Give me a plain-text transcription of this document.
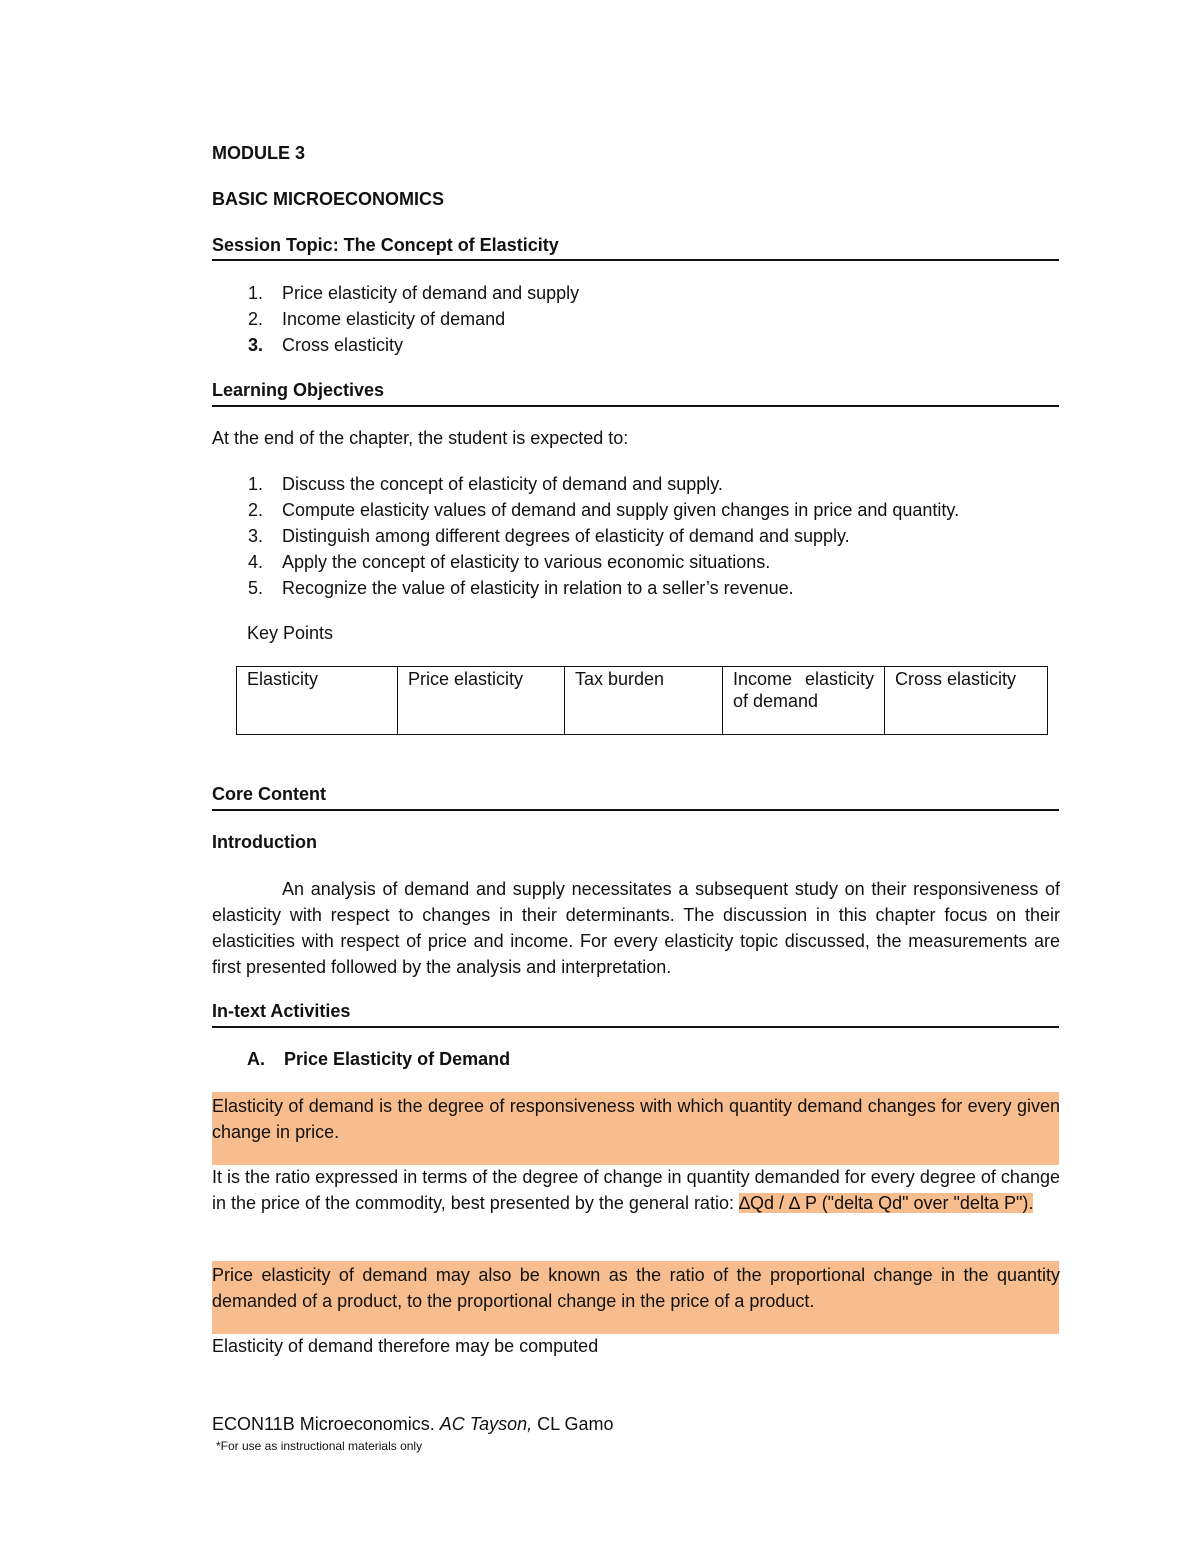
MODULE 3
BASIC MICROECONOMICS
Session Topic: The Concept of Elasticity
1.	Price elasticity of demand and supply
2.	Income elasticity of demand
3.	Cross elasticity
Learning Objectives
At the end of the chapter, the student is expected to:
1.	Discuss the concept of elasticity of demand and supply.
2.	Compute elasticity values of demand and supply given changes in price and quantity.
3.	Distinguish among different degrees of elasticity of demand and supply.
4.	Apply the concept of elasticity to various economic situations.
5.	Recognize the value of elasticity in relation to a seller’s revenue.
Key Points
Elasticity	Price elasticity	Tax burden	Income elasticity of demand	Cross elasticity
Core Content
Introduction
An analysis of demand and supply necessitates a subsequent study on their responsiveness of elasticity with respect to changes in their determinants. The discussion in this chapter focus on their elasticities with respect of price and income. For every elasticity topic discussed, the measurements are first presented followed by the analysis and interpretation.
In-text Activities
A. Price Elasticity of Demand
Elasticity of demand is the degree of responsiveness with which quantity demand changes for every given change in price.
It is the ratio expressed in terms of the degree of change in quantity demanded for every degree of change in the price of the commodity, best presented by the general ratio: ∆Qd / ∆ P ("delta Qd" over "delta P").
Price elasticity of demand may also be known as the ratio of the proportional change in the quantity demanded of a product, to the proportional change in the price of a product.
Elasticity of demand therefore may be computed
ECON11B Microeconomics. AC Tayson, CL Gamo
*For use as instructional materials only
